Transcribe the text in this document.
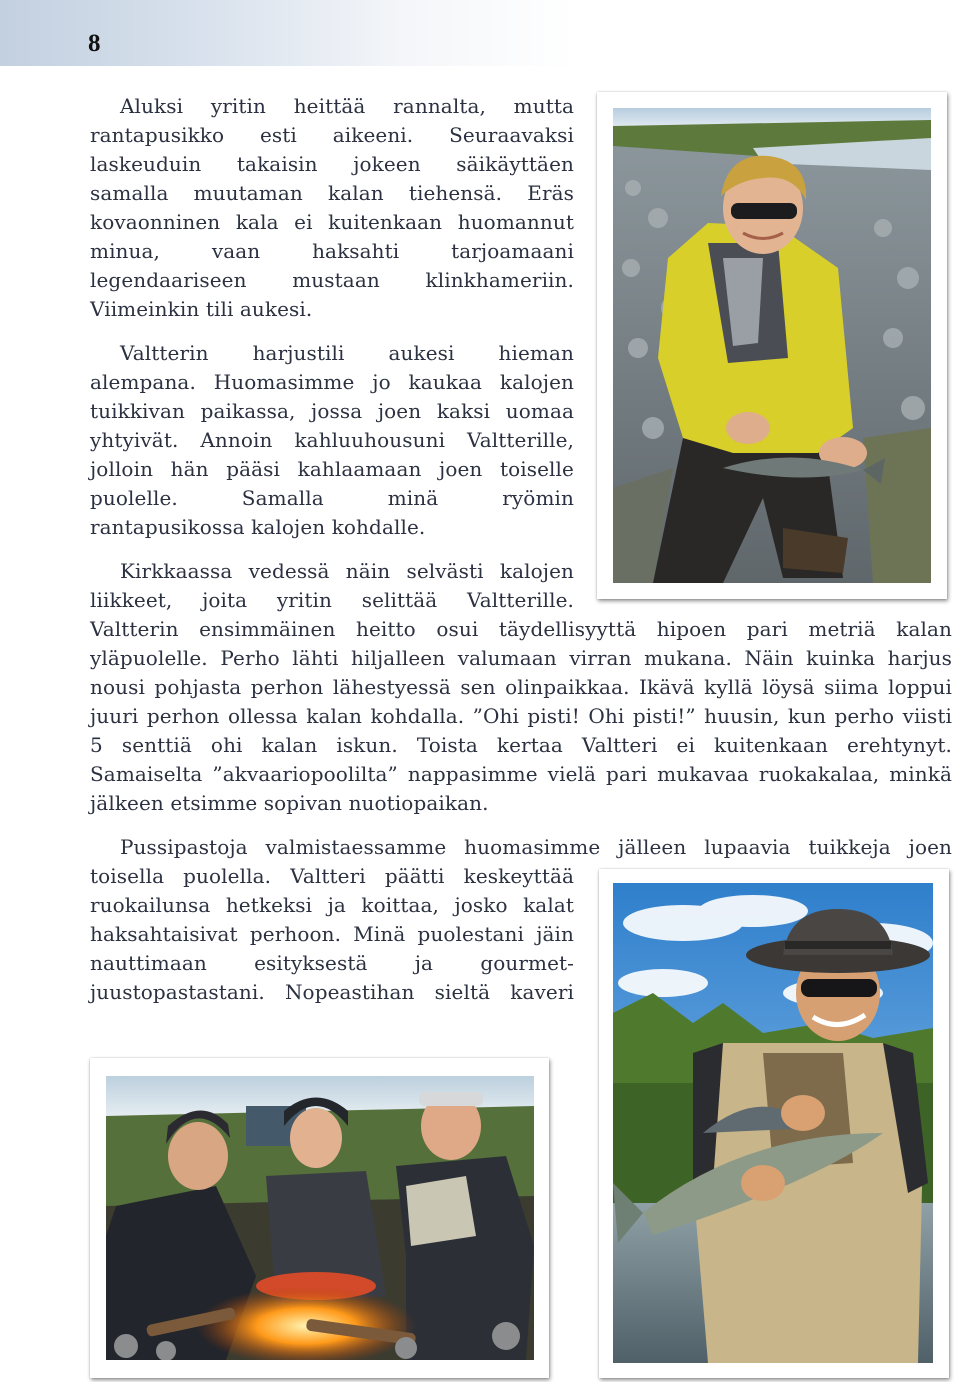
8

Aluksi yritin heittää rannalta, mutta
rantapusikko esti aikeeni. Seuraavaksi
laskeuduin takaisin jokeen säikäyttäen
samalla muutaman kalan tiehensä. Eräs
kovaonninen kala ei kuitenkaan huomannut
minua, vaan haksahti tarjoamaani
legendaariseen mustaan klinkhameriin.
Viimeinkin tili aukesi.

Valtterin harjustili aukesi hieman
alempana. Huomasimme jo kaukaa kalojen
tuikkivan paikassa, jossa joen kaksi uomaa
yhtyivät. Annoin kahluuhousuni Valtterille,
jolloin hän pääsi kahlaamaan joen toiselle
puolelle. Samalla minä ryömin
rantapusikossa kalojen kohdalle.

Kirkkaassa vedessä näin selvästi kalojen
liikkeet, joita yritin selittää Valtterille.
Valtterin ensimmäinen heitto osui täydellisyyttä hipoen pari metriä kalan
yläpuolelle. Perho lähti hiljalleen valumaan virran mukana. Näin kuinka harjus
nousi pohjasta perhon lähestyessä sen olinpaikkaa. Ikävä kyllä löysä siima loppui
juuri perhon ollessa kalan kohdalla. ”Ohi pisti! Ohi pisti!” huusin, kun perho viisti
5 senttiä ohi kalan iskun. Toista kertaa Valtteri ei kuitenkaan erehtynyt.
Samaiselta ”akvaariopoolilta” nappasimme vielä pari mukavaa ruokakalaa, minkä
jälkeen etsimme sopivan nuotiopaikan.

Pussipastoja valmistaessamme huomasimme jälleen lupaavia tuikkeja joen
toisella puolella. Valtteri päätti keskeyttää
ruokailunsa hetkeksi ja koittaa, josko kalat
haksahtaisivat perhoon. Minä puolestani jäin
nauttimaan esityksestä ja gourmet-
juustopastastani. Nopeastihan sieltä kaveri
